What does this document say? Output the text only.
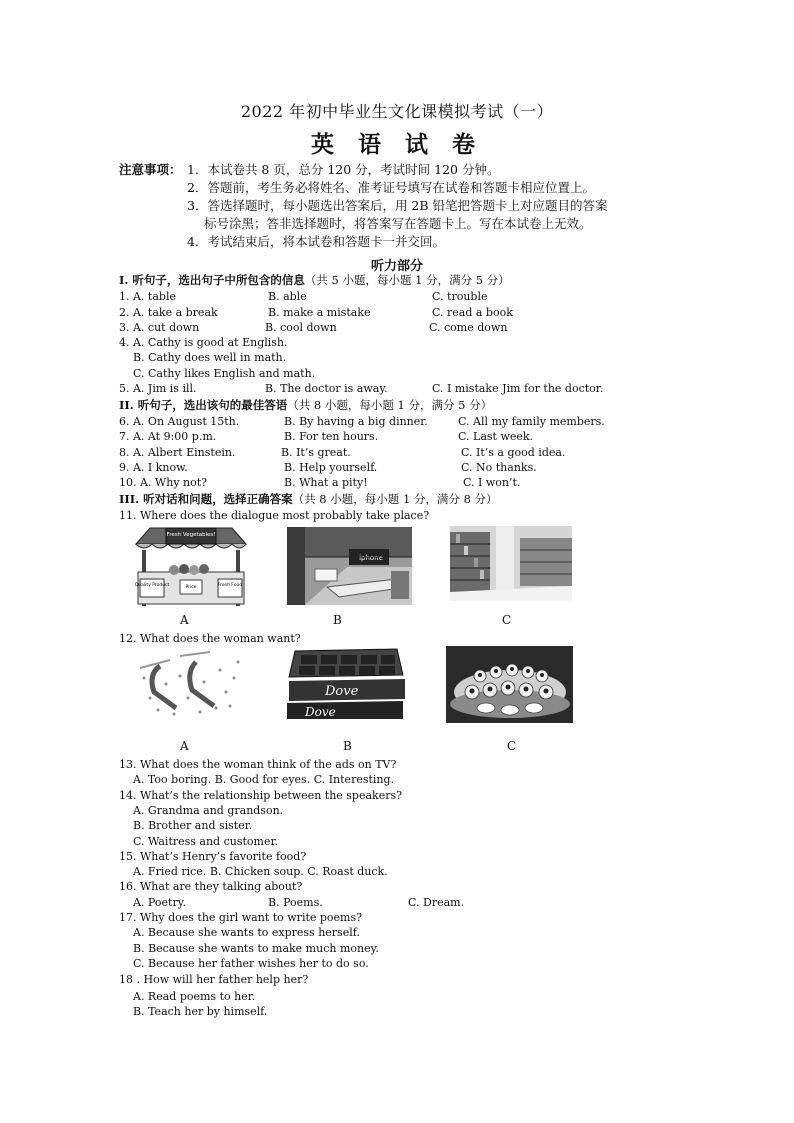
2022 年初中毕业生文化课模拟考试（一）
英 语 试 卷
注意事项： 1．本试卷共 8 页，总分 120 分，考试时间 120 分钟。
2．答题前，考生务必将姓名、准考证号填写在试卷和答题卡相应位置上。
3．答选择题时，每小题选出答案后，用 2B 铅笔把答题卡上对应题目的答案
标号涂黑；答非选择题时，将答案写在答题卡上。写在本试卷上无效。
4．考试结束后，将本试卷和答题卡一并交回。
听力部分
I. 听句子，选出句子中所包含的信息（共 5 小题，每小题 1 分，满分 5 分）
1. A. table	B. able	C. trouble
2. A. take a break	B. make a mistake	C. read a book
3. A. cut down	B. cool down	C. come down
4. A. Cathy is good at English.
B. Cathy does well in math.
C. Cathy likes English and math.
5. A. Jim is ill.	B. The doctor is away.	C. I mistake Jim for the doctor.
II. 听句子，选出该句的最佳答语（共 8 小题，每小题 1 分，满分 5 分）
6. A. On August 15th.	B. By having a big dinner.	C. All my family members.
7. A. At 9:00 p.m.	B. For ten hours.	C. Last week.
8. A. Albert Einstein.	B. It’s great.	C. It’s a good idea.
9. A. I know.	B. Help yourself.	C. No thanks.
10. A. Why not?	B. What a pity!	C. I won’t.
III. 听对话和问题，选择正确答案（共 8 小题，每小题 1 分，满分 8 分）
11. Where does the dialogue most probably take place?
Fresh Vegetables!
Quality Product	Fresh Food
Price
iphone
A	B	C
12. What does the woman want?
Dove
Dove
A	B	C
13. What does the woman think of the ads on TV?
A. Too boring. B. Good for eyes. C. Interesting.
14. What’s the relationship between the speakers?
A. Grandma and grandson.
B. Brother and sister.
C. Waitress and customer.
15. What’s Henry’s favorite food?
A. Fried rice. B. Chicken soup. C. Roast duck.
16. What are they talking about?
A. Poetry.	B. Poems.	C. Dream.
17. Why does the girl want to write poems?
A. Because she wants to express herself.
B. Because she wants to make much money.
C. Because her father wishes her to do so.
18 . How will her father help her?
A. Read poems to her.
B. Teach her by himself.
